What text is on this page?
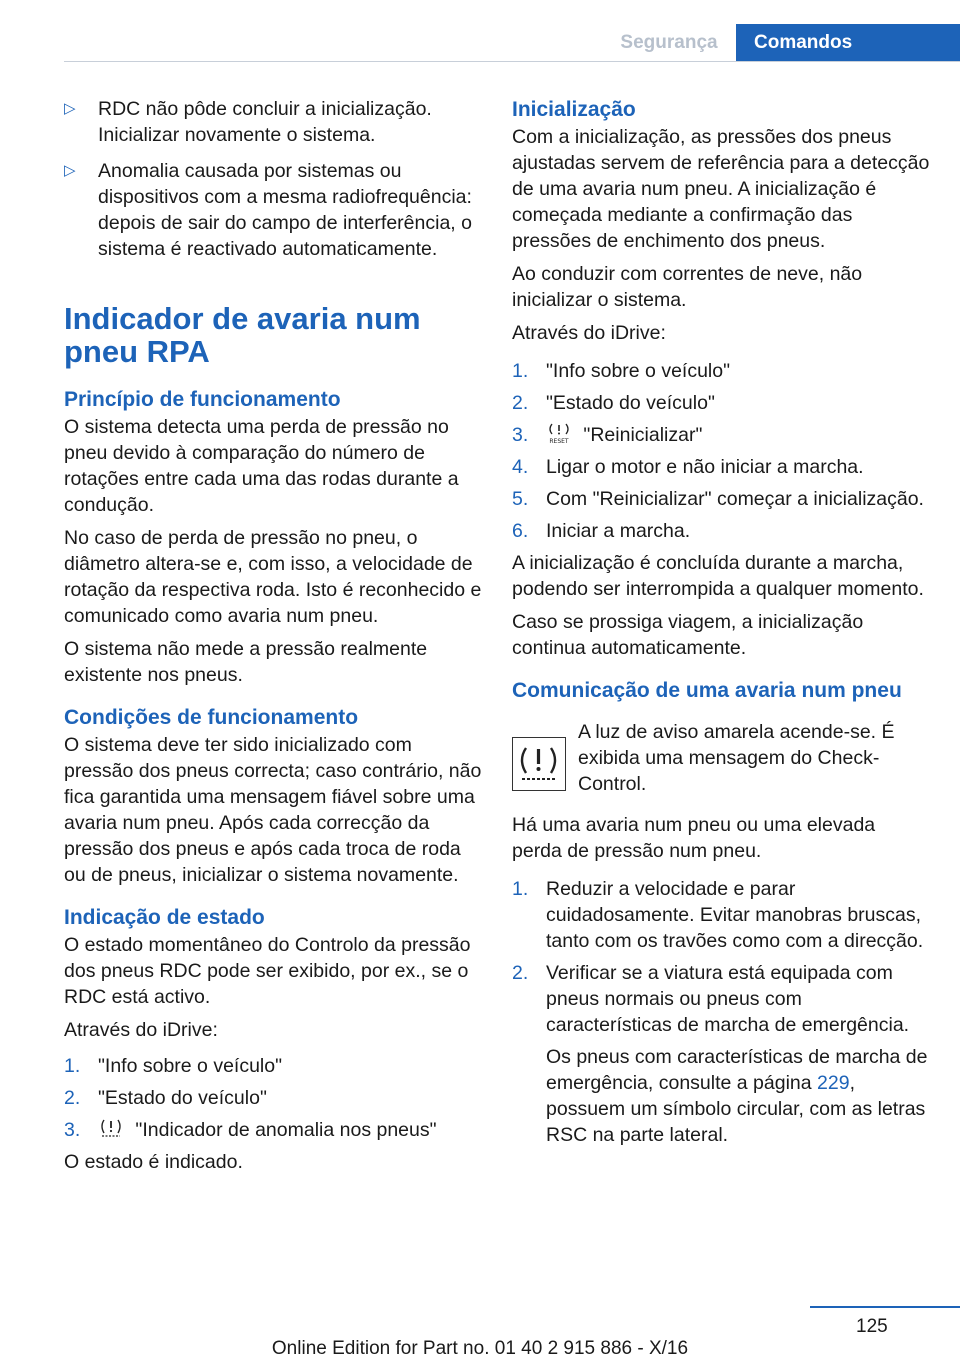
Segurança	Comandos
▷ RDC não pôde concluir a inicialização. Inicializar novamente o sistema.
▷ Anomalia causada por sistemas ou dispositivos com a mesma radiofrequência: depois de sair do campo de interferência, o sistema é reactivado automaticamente.
Indicador de avaria num pneu RPA
Princípio de funcionamento

O sistema detecta uma perda de pressão no pneu devido à comparação do número de rotações entre cada uma das rodas durante a condução.

No caso de perda de pressão no pneu, o diâmetro altera-se e, com isso, a velocidade de rotação da respectiva roda. Isto é reconhecido e comunicado como avaria num pneu.

O sistema não mede a pressão realmente existente nos pneus.

Condições de funcionamento

O sistema deve ter sido inicializado com pressão dos pneus correcta; caso contrário, não fica garantida uma mensagem fiável sobre uma avaria num pneu. Após cada correcção da pressão dos pneus e após cada troca de roda ou de pneus, inicializar o sistema novamente.

Indicação de estado

O estado momentâneo do Controlo da pressão dos pneus RDC pode ser exibido, por ex., se o RDC está activo.

Através do iDrive:

1. "Info sobre o veículo"
2. "Estado do veículo"
3.	"Indicador de anomalia nos pneus"

O estado é indicado.

Inicialização

Com a inicialização, as pressões dos pneus ajustadas servem de referência para a detecção de uma avaria num pneu. A inicialização é começada mediante a confirmação das pressões de enchimento dos pneus.

Ao conduzir com correntes de neve, não inicializar o sistema.

Através do iDrive:

1. "Info sobre o veículo"
2. "Estado do veículo"
3.	RESET "Reinicializar"
4. Ligar o motor e não iniciar a marcha.
5. Com "Reinicializar" começar a inicialização.
6. Iniciar a marcha.

A inicialização é concluída durante a marcha, podendo ser interrompida a qualquer momento.

Caso se prossiga viagem, a inicialização continua automaticamente.

Comunicação de uma avaria num pneu
A luz de aviso amarela acende-se. É exibida uma mensagem do Check-Control.

Há uma avaria num pneu ou uma elevada perda de pressão num pneu.

1. Reduzir a velocidade e parar cuidadosamente. Evitar manobras bruscas, tanto com os travões como com a direcção.
2. Verificar se a viatura está equipada com pneus normais ou pneus com características de marcha de emergência.

Os pneus com características de marcha de emergência, consulte a página 229, possuem um símbolo circular, com as letras RSC na parte lateral.

125
Online Edition for Part no. 01 40 2 915 886 - X/16
